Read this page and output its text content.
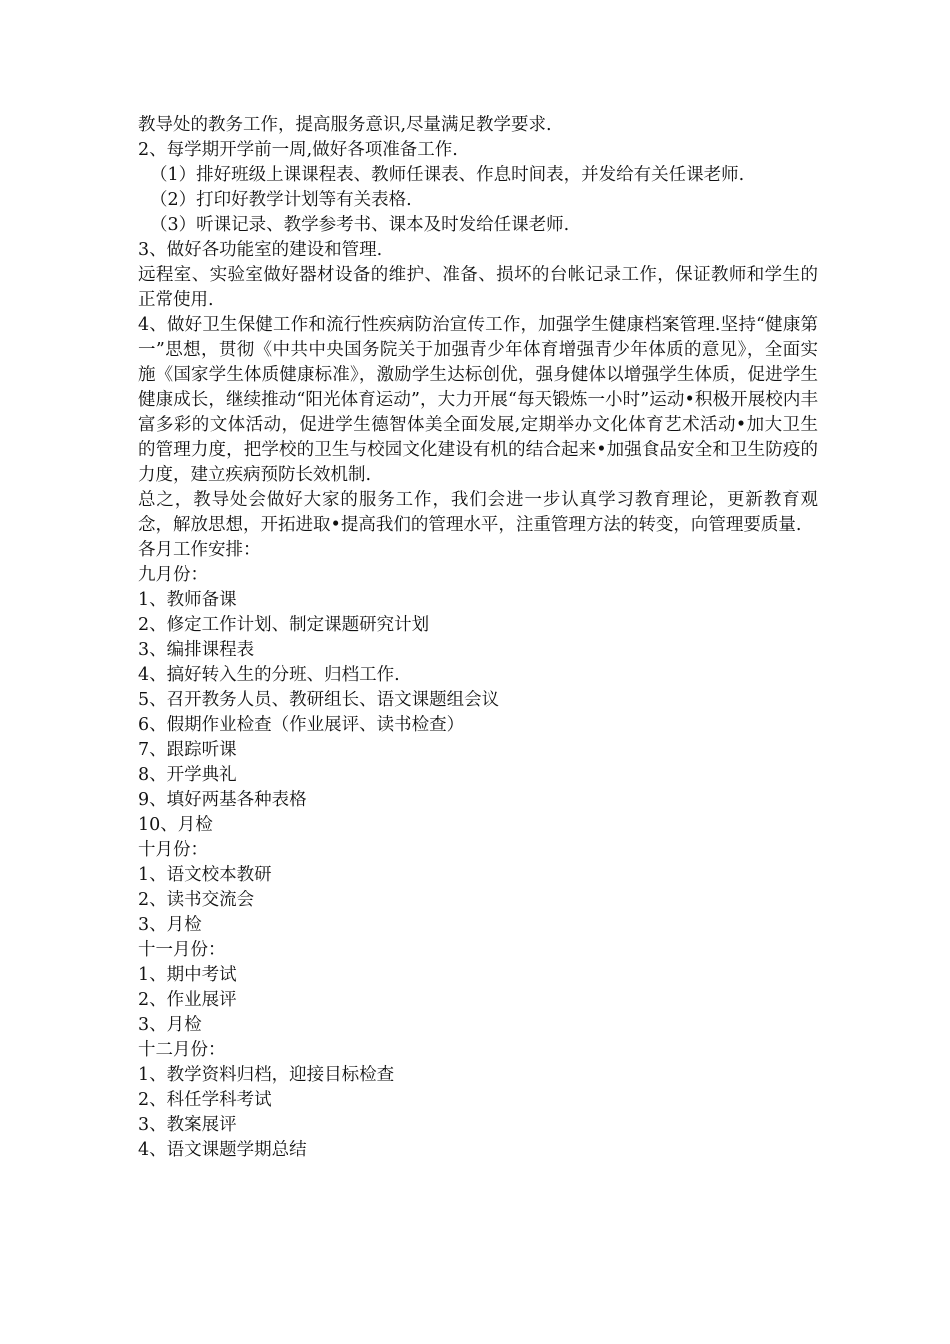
教导处的教务工作，提高服务意识,尽量满足教学要求.

2、每学期开学前一周,做好各项准备工作.

（1）排好班级上课课程表、教师任课表、作息时间表，并发给有关任课老师.

（2）打印好教学计划等有关表格.

（3）听课记录、教学参考书、课本及时发给任课老师.

3、做好各功能室的建设和管理.

远程室、实验室做好器材设备的维护、准备、损坏的台帐记录工作，保证教师和学生的正常使用.

4、做好卫生保健工作和流行性疾病防治宣传工作，加强学生健康档案管理.坚持“健康第一”思想，贯彻《中共中央国务院关于加强青少年体育增强青少年体质的意见》，全面实施《国家学生体质健康标准》，激励学生达标创优，强身健体以增强学生体质，促进学生健康成长，继续推动“阳光体育运动”，大力开展“每天锻炼一小时”运动•积极开展校内丰富多彩的文体活动，促进学生德智体美全面发展,定期举办文化体育艺术活动•加大卫生的管理力度，把学校的卫生与校园文化建设有机的结合起来•加强食品安全和卫生防疫的力度，建立疾病预防长效机制.

总之，教导处会做好大家的服务工作，我们会进一步认真学习教育理论，更新教育观念，解放思想，开拓进取•提高我们的管理水平，注重管理方法的转变，向管理要质量.

各月工作安排：

九月份：

1、教师备课

2、修定工作计划、制定课题研究计划

3、编排课程表

4、搞好转入生的分班、归档工作.

5、召开教务人员、教研组长、语文课题组会议

6、假期作业检查（作业展评、读书检查）

7、跟踪听课

8、开学典礼

9、填好两基各种表格

10、月检

十月份：

1、语文校本教研

2、读书交流会

3、月检

十一月份：

1、期中考试

2、作业展评

3、月检

十二月份：

1、教学资料归档，迎接目标检查

2、科任学科考试

3、教案展评

4、语文课题学期总结
